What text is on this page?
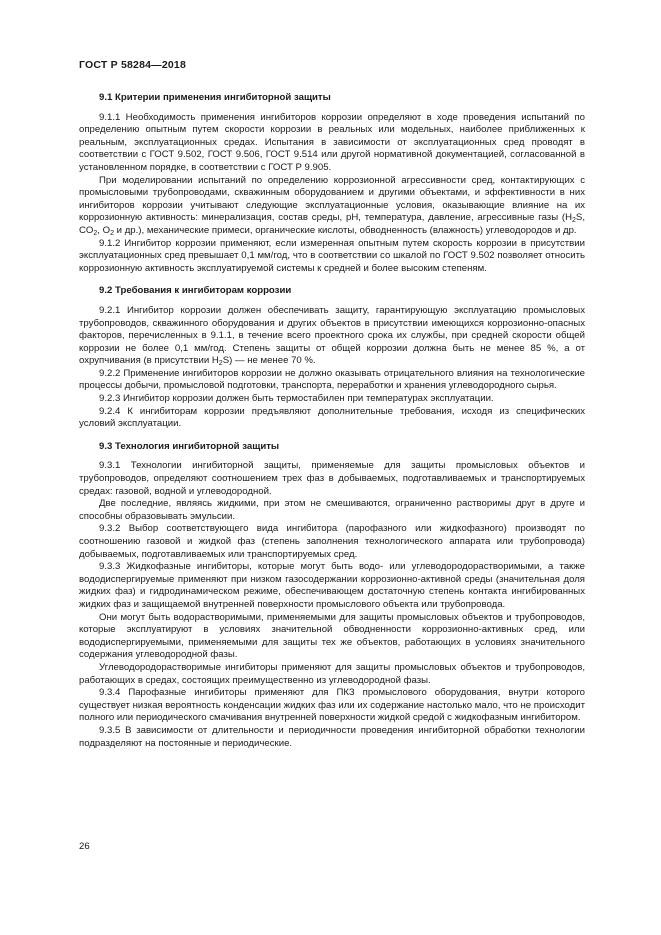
ГОСТ Р 58284—2018
9.1 Критерии применения ингибиторной защиты

9.1.1 Необходимость применения ингибиторов коррозии определяют в ходе проведения испытаний по определению опытным путем скорости коррозии в реальных или модельных, наиболее приближенных к реальным, эксплуатационных средах. Испытания в зависимости от эксплуатационных сред проводят в соответствии с ГОСТ 9.502, ГОСТ 9.506, ГОСТ 9.514 или другой нормативной документацией, согласованной в установленном порядке, в соответствии с ГОСТ Р 9.905.

При моделировании испытаний по определению коррозионной агрессивности сред, контактирующих с промысловыми трубопроводами, скважинным оборудованием и другими объектами, и эффективности в них ингибиторов коррозии учитывают следующие эксплуатационные условия, оказывающие влияние на их коррозионную активность: минерализация, состав среды, pH, температура, давление, агрессивные газы ($H_2S$, $CO_2$, $O_2$ и др.), механические примеси, органические кислоты, обводненность (влажность) углеводородов и др.

9.1.2 Ингибитор коррозии применяют, если измеренная опытным путем скорость коррозии в присутствии эксплуатационных сред превышает 0,1 мм/год, что в соответствии со шкалой по ГОСТ 9.502 позволяет относить коррозионную активность эксплуатируемой системы к средней и более высоким степеням.

9.2 Требования к ингибиторам коррозии

9.2.1 Ингибитор коррозии должен обеспечивать защиту, гарантирующую эксплуатацию промысловых трубопроводов, скважинного оборудования и других объектов в присутствии имеющихся коррозионно-опасных факторов, перечисленных в 9.1.1, в течение всего проектного срока их службы, при средней скорости общей коррозии не более 0,1 мм/год. Степень защиты от общей коррозии должна быть не менее 85 %, а от охрупчивания (в присутствии $H_2S$) — не менее 70 %.

9.2.2 Применение ингибиторов коррозии не должно оказывать отрицательного влияния на технологические процессы добычи, промысловой подготовки, транспорта, переработки и хранения углеводородного сырья.

9.2.3 Ингибитор коррозии должен быть термостабилен при температурах эксплуатации.

9.2.4 К ингибиторам коррозии предъявляют дополнительные требования, исходя из специфических условий эксплуатации.

9.3 Технология ингибиторной защиты

9.3.1 Технологии ингибиторной защиты, применяемые для защиты промысловых объектов и трубопроводов, определяют соотношением трех фаз в добываемых, подготавливаемых и транспортируемых средах: газовой, водной и углеводородной.

Две последние, являясь жидкими, при этом не смешиваются, ограниченно растворимы друг в друге и способны образовывать эмульсии.

9.3.2 Выбор соответствующего вида ингибитора (парофазного или жидкофазного) производят по соотношению газовой и жидкой фаз (степень заполнения технологического аппарата или трубопровода) добываемых, подготавливаемых или транспортируемых сред.

9.3.3 Жидкофазные ингибиторы, которые могут быть водо- или углеводородорастворимыми, а также вододиспергируемые применяют при низком газосодержании коррозионно-активной среды (значительная доля жидких фаз) и гидродинамическом режиме, обеспечивающем достаточную степень контакта ингибированных жидких фаз и защищаемой внутренней поверхности промыслового объекта или трубопровода.

Они могут быть водорастворимыми, применяемыми для защиты промысловых объектов и трубопроводов, которые эксплуатируют в условиях значительной обводненности коррозионно-активных сред, или вододиспергируемыми, применяемыми для защиты тех же объектов, работающих в условиях значительного содержания углеводородной фазы.

Углеводородорастворимые ингибиторы применяют для защиты промысловых объектов и трубопроводов, работающих в средах, состоящих преимущественно из углеводородной фазы.

9.3.4 Парофазные ингибиторы применяют для ПКЗ промыслового оборудования, внутри которого существует низкая вероятность конденсации жидких фаз или их содержание настолько мало, что не происходит полного или периодического смачивания внутренней поверхности жидкой средой с жидкофазным ингибитором.

9.3.5 В зависимости от длительности и периодичности проведения ингибиторной обработки технологии подразделяют на постоянные и периодические.

26
